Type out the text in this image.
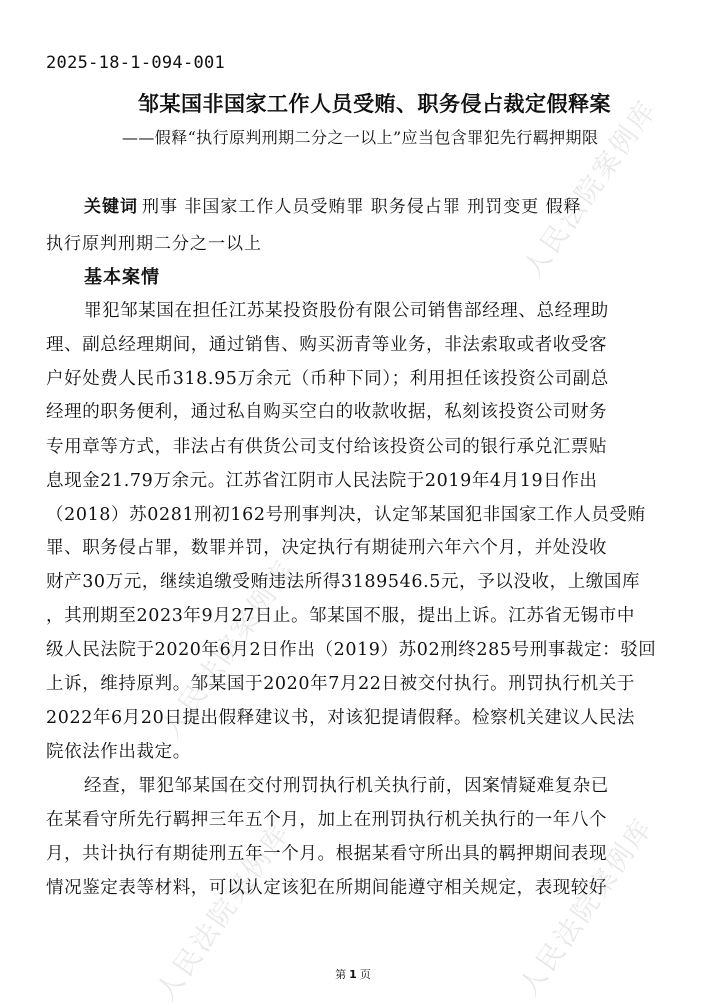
人民法院案例库
人民法院案例库
人民法院案例库
人民法院案例库
2025-18-1-094-001
邹某国非国家工作人员受贿、职务侵占裁定假释案
——假释“执行原判刑期二分之一以上”应当包含罪犯先行羁押期限
关键词 刑事 非国家工作人员受贿罪 职务侵占罪 刑罚变更 假释
执行原判刑期二分之一以上
基本案情
罪犯邹某国在担任江苏某投资股份有限公司销售部经理、总经理助
理、副总经理期间，通过销售、购买沥青等业务，非法索取或者收受客
户好处费人民币318.95万余元（币种下同）；利用担任该投资公司副总
经理的职务便利，通过私自购买空白的收款收据，私刻该投资公司财务
专用章等方式，非法占有供货公司支付给该投资公司的银行承兑汇票贴
息现金21.79万余元。江苏省江阴市人民法院于2019年4月19日作出
（2018）苏0281刑初162号刑事判决，认定邹某国犯非国家工作人员受贿
罪、职务侵占罪，数罪并罚，决定执行有期徒刑六年六个月，并处没收
财产30万元，继续追缴受贿违法所得3189546.5元，予以没收，上缴国库
，其刑期至2023年9月27日止。邹某国不服，提出上诉。江苏省无锡市中
级人民法院于2020年6月2日作出（2019）苏02刑终285号刑事裁定：驳回
上诉，维持原判。邹某国于2020年7月22日被交付执行。刑罚执行机关于
2022年6月20日提出假释建议书，对该犯提请假释。检察机关建议人民法
院依法作出裁定。
经查，罪犯邹某国在交付刑罚执行机关执行前，因案情疑难复杂已
在某看守所先行羁押三年五个月，加上在刑罚执行机关执行的一年八个
月，共计执行有期徒刑五年一个月。根据某看守所出具的羁押期间表现
情况鉴定表等材料，可以认定该犯在所期间能遵守相关规定，表现较好
第 1 页
